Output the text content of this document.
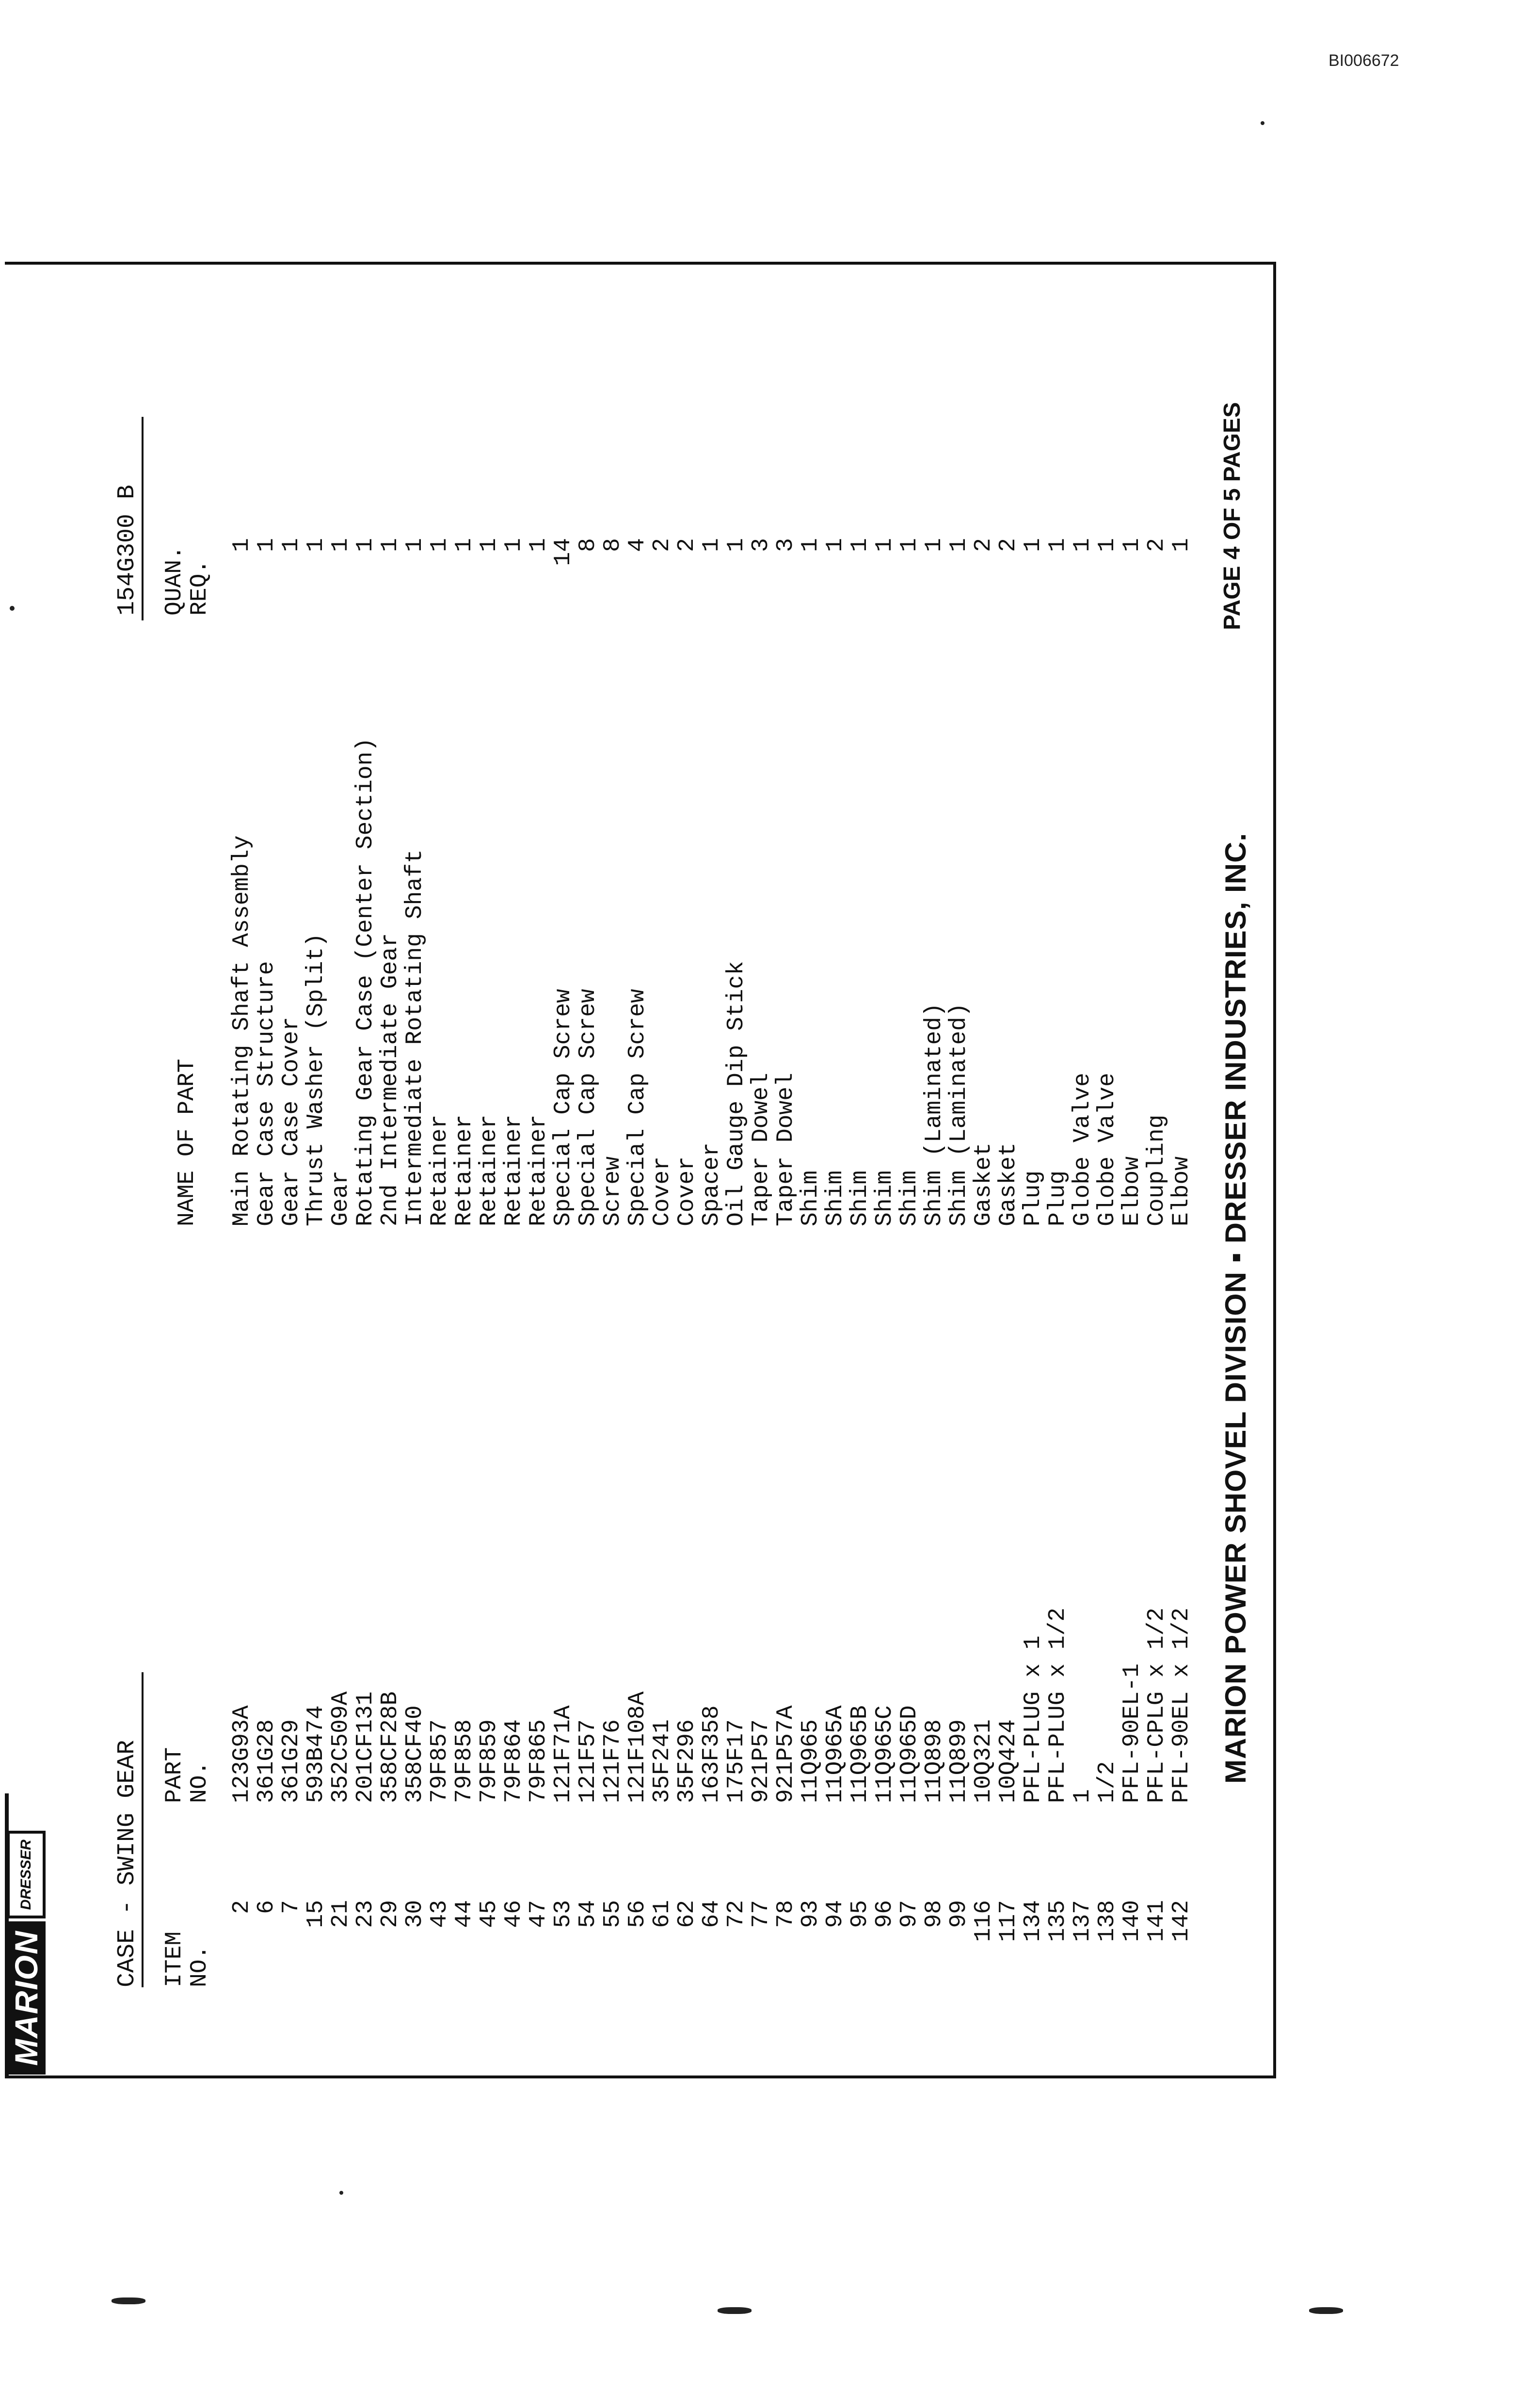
BI006672
MARION
DRESSER	CASE - SWING GEAR
154G300 B
ITEM
NO.
PART
NO.
NAME OF PART
QUAN.
REQ.
2
123G93A
Main Rotating Shaft Assembly
1
6
361G28
Gear Case Structure
1
7
361G29
Gear Case Cover
1
15
593B474
Thrust Washer (Split)
1
21
352C509A
Gear
1
23
201CF131
Rotating Gear Case (Center Section)
1
29
358CF28B
2nd Intermediate Gear
1
30
358CF40
Intermediate Rotating Shaft
1
43
79F857
Retainer
1
44
79F858
Retainer
1
45
79F859
Retainer
1
46
79F864
Retainer
1
47
79F865
Retainer
1
53
121F71A
Special Cap Screw
14
54
121F57
Special Cap Screw
8
55
121F76
Screw
8
56
121F108A
Special Cap Screw
4
61
35F241
Cover
2
62
35F296
Cover
2
64
163F358
Spacer
1
72
175F17
Oil Gauge Dip Stick
1
77
921P57
Taper Dowel
3
78
921P57A
Taper Dowel
3
93
11Q965
Shim
1
94
11Q965A
Shim
1
95
11Q965B
Shim
1
96
11Q965C
Shim
1
97
11Q965D
Shim
1
98
11Q898
Shim (Laminated)
1
99
11Q899
Shim (Laminated)
1
116
10Q321
Gasket
2
117
10Q424
Gasket
2
134
PFL-PLUG x 1
Plug
1
135
PFL-PLUG x 1/2
Plug
1
137
1
Globe Valve
1
138
1/2
Globe Valve
1
140
PFL-90EL-1
Elbow
1
141
PFL-CPLG x 1/2
Coupling
2
142
PFL-90EL x 1/2
Elbow
1
MARION POWER SHOVEL DIVISION ▪ DRESSER INDUSTRIES, INC.
PAGE 4 OF 5 PAGES
